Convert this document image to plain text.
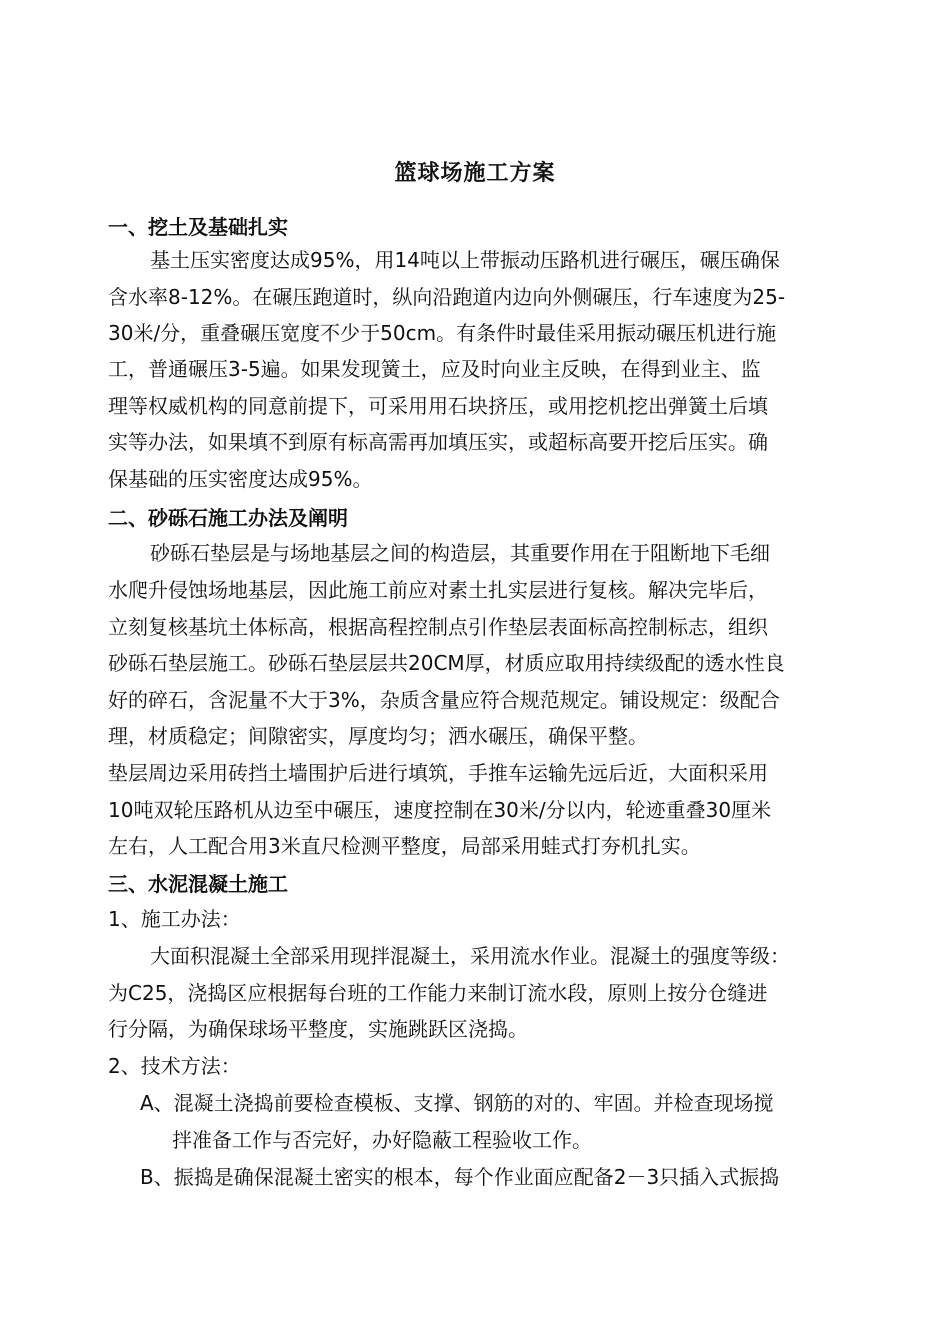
篮球场施工方案
一、挖土及基础扎实
基土压实密度达成95%，用14吨以上带振动压路机进行碾压，碾压确保
含水率8-12%。在碾压跑道时，纵向沿跑道内边向外侧碾压，行车速度为25-
30米/分，重叠碾压宽度不少于50cm。有条件时最佳采用振动碾压机进行施
工，普通碾压3-5遍。如果发现簧土，应及时向业主反映，在得到业主、监
理等权威机构的同意前提下，可采用用石块挤压，或用挖机挖出弹簧土后填
实等办法，如果填不到原有标高需再加填压实，或超标高要开挖后压实。确
保基础的压实密度达成95%。
二、砂砾石施工办法及阐明
砂砾石垫层是与场地基层之间的构造层，其重要作用在于阻断地下毛细
水爬升侵蚀场地基层，因此施工前应对素土扎实层进行复核。解决完毕后，
立刻复核基坑土体标高，根据高程控制点引作垫层表面标高控制标志，组织
砂砾石垫层施工。砂砾石垫层层共20CM厚，材质应取用持续级配的透水性良
好的碎石，含泥量不大于3%，杂质含量应符合规范规定。铺设规定：级配合
理，材质稳定；间隙密实，厚度均匀；洒水碾压，确保平整。
垫层周边采用砖挡土墙围护后进行填筑，手推车运输先远后近，大面积采用
10吨双轮压路机从边至中碾压，速度控制在30米/分以内，轮迹重叠30厘米
左右，人工配合用3米直尺检测平整度，局部采用蛙式打夯机扎实。
三、水泥混凝土施工
1、施工办法：
大面积混凝土全部采用现拌混凝土，采用流水作业。混凝土的强度等级：
为C25，浇捣区应根据每台班的工作能力来制订流水段，原则上按分仓缝进
行分隔，为确保球场平整度，实施跳跃区浇捣。
2、技术方法：
A、混凝土浇捣前要检查模板、支撑、钢筋的对的、牢固。并检查现场搅
拌准备工作与否完好，办好隐蔽工程验收工作。
B、振捣是确保混凝土密实的根本，每个作业面应配备2－3只插入式振捣
